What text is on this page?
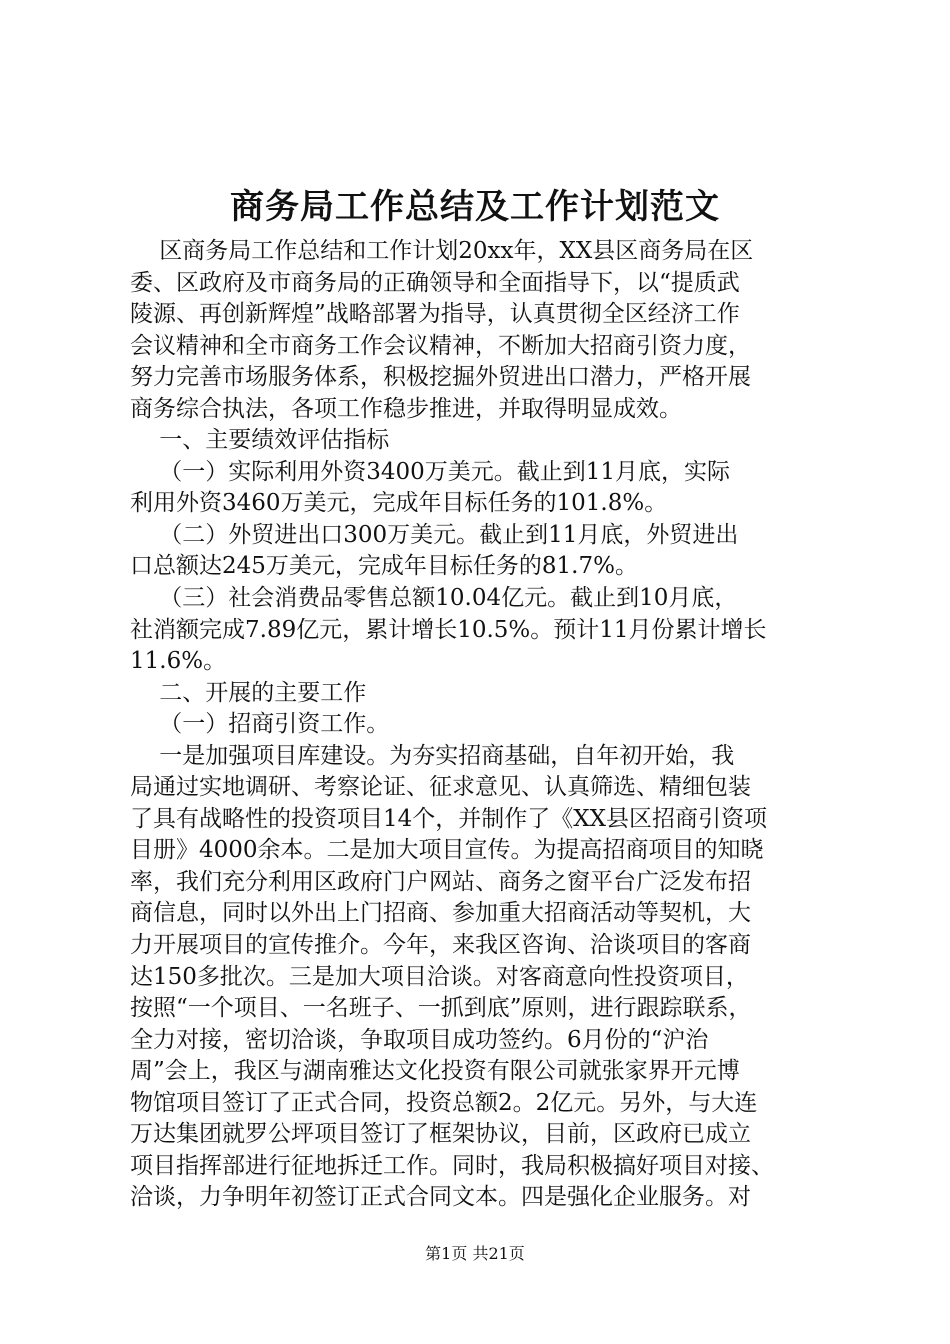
商务局工作总结及工作计划范文
区商务局工作总结和工作计划20xx年，XX县区商务局在区
委、区政府及市商务局的正确领导和全面指导下，以“提质武
陵源、再创新辉煌”战略部署为指导，认真贯彻全区经济工作
会议精神和全市商务工作会议精神，不断加大招商引资力度，
努力完善市场服务体系，积极挖掘外贸进出口潜力，严格开展
商务综合执法，各项工作稳步推进，并取得明显成效。
一、主要绩效评估指标
（一）实际利用外资3400万美元。截止到11月底，实际
利用外资3460万美元，完成年目标任务的101.8%。
（二）外贸进出口300万美元。截止到11月底，外贸进出
口总额达245万美元，完成年目标任务的81.7%。
（三）社会消费品零售总额10.04亿元。截止到10月底，
社消额完成7.89亿元，累计增长10.5%。预计11月份累计增长
11.6%。
二、开展的主要工作
（一）招商引资工作。
一是加强项目库建设。为夯实招商基础，自年初开始，我
局通过实地调研、考察论证、征求意见、认真筛选、精细包装
了具有战略性的投资项目14个，并制作了《XX县区招商引资项
目册》4000余本。二是加大项目宣传。为提高招商项目的知晓
率，我们充分利用区政府门户网站、商务之窗平台广泛发布招
商信息，同时以外出上门招商、参加重大招商活动等契机，大
力开展项目的宣传推介。今年，来我区咨询、洽谈项目的客商
达150多批次。三是加大项目洽谈。对客商意向性投资项目，
按照“一个项目、一名班子、一抓到底”原则，进行跟踪联系，
全力对接，密切洽谈，争取项目成功签约。6月份的“沪治
周”会上，我区与湖南雅达文化投资有限公司就张家界开元博
物馆项目签订了正式合同，投资总额2。2亿元。另外，与大连
万达集团就罗公坪项目签订了框架协议，目前，区政府已成立
项目指挥部进行征地拆迁工作。同时，我局积极搞好项目对接、
洽谈，力争明年初签订正式合同文本。四是强化企业服务。对
第1页 共21页
